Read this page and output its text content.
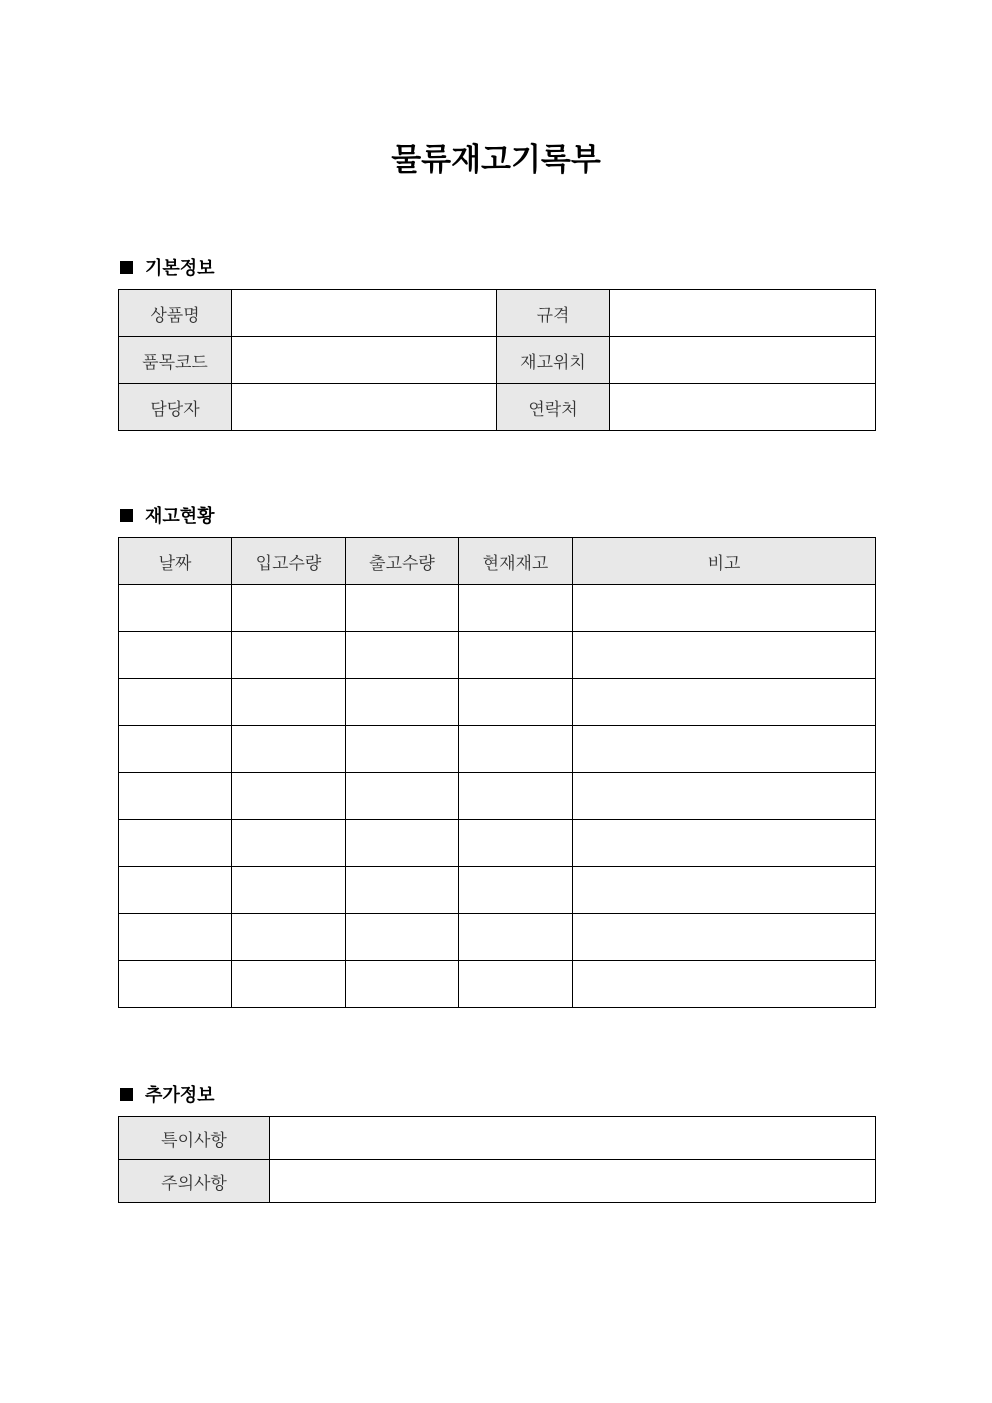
물류재고기록부
기본정보
상품명		규격	
품목코드		재고위치	
담당자		연락처	
재고현황
날짜	입고수량	출고수량	현재재고	비고

추가정보
특이사항	
주의사항	
